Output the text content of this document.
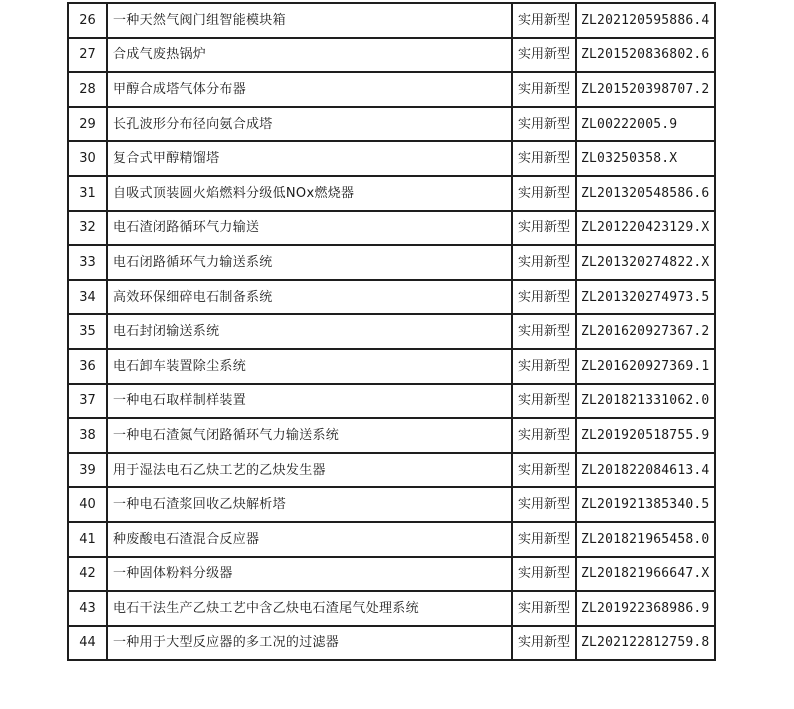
26	一种天然气阀门组智能模块箱	实用新型	ZL202120595886.4
27	合成气废热锅炉	实用新型	ZL201520836802.6
28	甲醇合成塔气体分布器	实用新型	ZL201520398707.2
29	长孔波形分布径向氨合成塔	实用新型	ZL00222005.9
30	复合式甲醇精馏塔	实用新型	ZL03250358.X
31	自吸式顶装圆火焰燃料分级低NOx燃烧器	实用新型	ZL201320548586.6
32	电石渣闭路循环气力输送	实用新型	ZL201220423129.X
33	电石闭路循环气力输送系统	实用新型	ZL201320274822.X
34	高效环保细碎电石制备系统	实用新型	ZL201320274973.5
35	电石封闭输送系统	实用新型	ZL201620927367.2
36	电石卸车装置除尘系统	实用新型	ZL201620927369.1
37	一种电石取样制样装置	实用新型	ZL201821331062.0
38	一种电石渣氮气闭路循环气力输送系统	实用新型	ZL201920518755.9
39	用于湿法电石乙炔工艺的乙炔发生器	实用新型	ZL201822084613.4
40	一种电石渣浆回收乙炔解析塔	实用新型	ZL201921385340.5
41	种废酸电石渣混合反应器	实用新型	ZL201821965458.0
42	一种固体粉料分级器	实用新型	ZL201821966647.X
43	电石干法生产乙炔工艺中含乙炔电石渣尾气处理系统	实用新型	ZL201922368986.9
44	一种用于大型反应器的多工况的过滤器	实用新型	ZL202122812759.8
